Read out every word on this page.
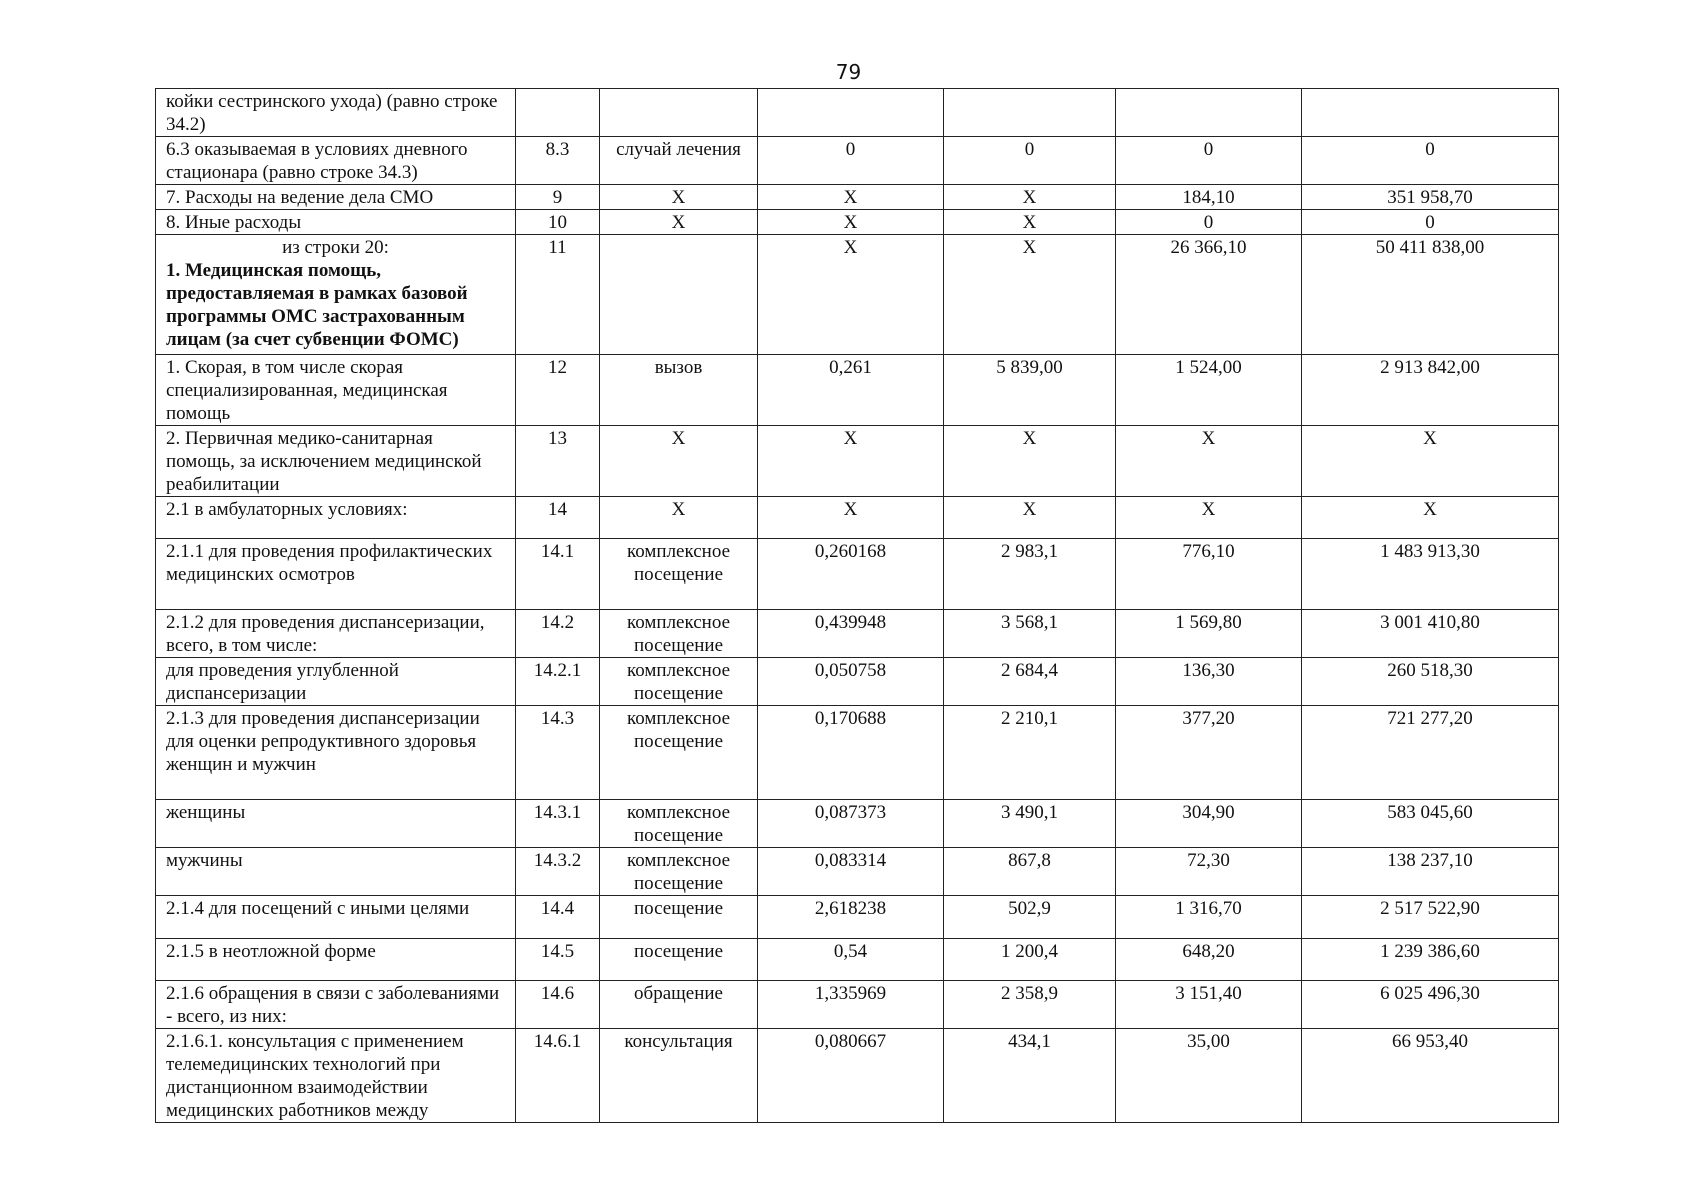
79
койки сестринского ухода) (равно строке 34.2)						
6.3 оказываемая в условиях дневного стационара (равно строке 34.3)	8.3	случай лечения	0	0	0	0
7. Расходы на ведение дела СМО	9	X	X	X	184,10	351 958,70
8. Иные расходы	10	X	X	X	0	0

из строки 20:
1. Медицинская помощь, предоставляемая в рамках базовой программы ОМС застрахованным лицам (за счет субвенции ФОМС)	11		X	X	26 366,10	50 411 838,00
1. Скорая, в том числе скорая специализированная, медицинская помощь	12	вызов	0,261	5 839,00	1 524,00	2 913 842,00
2. Первичная медико-санитарная помощь, за исключением медицинской реабилитации	13	X	X	X	X	X
2.1 в амбулаторных условиях:	14	X	X	X	X	X
2.1.1 для проведения профилактических медицинских осмотров	14.1	комплексное посещение	0,260168	2 983,1	776,10	1 483 913,30
2.1.2 для проведения диспансеризации, всего, в том числе:	14.2	комплексное посещение	0,439948	3 568,1	1 569,80	3 001 410,80
для проведения углубленной диспансеризации	14.2.1	комплексное посещение	0,050758	2 684,4	136,30	260 518,30
2.1.3 для проведения диспансеризации для оценки репродуктивного здоровья женщин и мужчин	14.3	комплексное посещение	0,170688	2 210,1	377,20	721 277,20
женщины	14.3.1	комплексное посещение	0,087373	3 490,1	304,90	583 045,60
мужчины	14.3.2	комплексное посещение	0,083314	867,8	72,30	138 237,10
2.1.4 для посещений с иными целями	14.4	посещение	2,618238	502,9	1 316,70	2 517 522,90
2.1.5 в неотложной форме	14.5	посещение	0,54	1 200,4	648,20	1 239 386,60
2.1.6 обращения в связи с заболеваниями - всего, из них:	14.6	обращение	1,335969	2 358,9	3 151,40	6 025 496,30
2.1.6.1. консультация с применением телемедицинских технологий при дистанционном взаимодействии медицинских работников между	14.6.1	консультация	0,080667	434,1	35,00	66 953,40
